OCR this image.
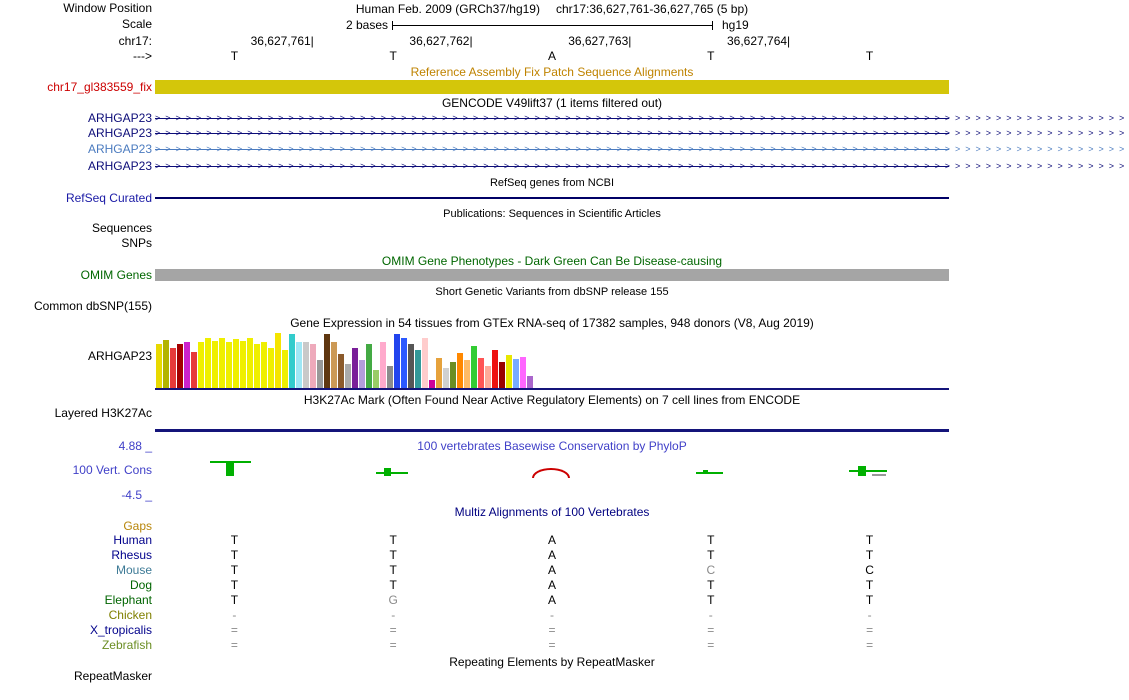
Window Position	Human Feb. 2009 (GRCh37/hg19) chr17:36,627,761-36,627,765 (5 bp)
Scale	2 bases	hg19
chr17:	36,627,761|	36,627,762|	36,627,763|	36,627,764|
--->	T	T	A	T	T
Reference Assembly Fix Patch Sequence Alignments
chr17_gl383559_fix
GENCODE V49lift37 (1 items filtered out)
ARHGAP23 >>>>>>>>>>>>>>>>>>>>>>>>>>>>>>>>>>>>>>>>>>>>>>>>>>>>>>>>>>>>>>>>>>>>>>>>>>>>>>>>>>>>>>>>>>>>>>>
ARHGAP23 >>>>>>>>>>>>>>>>>>>>>>>>>>>>>>>>>>>>>>>>>>>>>>>>>>>>>>>>>>>>>>>>>>>>>>>>>>>>>>>>>>>>>>>>>>>>>>>
ARHGAP23 >>>>>>>>>>>>>>>>>>>>>>>>>>>>>>>>>>>>>>>>>>>>>>>>>>>>>>>>>>>>>>>>>>>>>>>>>>>>>>>>>>>>>>>>>>>>>>>
ARHGAP23 >>>>>>>>>>>>>>>>>>>>>>>>>>>>>>>>>>>>>>>>>>>>>>>>>>>>>>>>>>>>>>>>>>>>>>>>>>>>>>>>>>>>>>>>>>>>>>>
RefSeq genes from NCBI
RefSeq Curated
Publications: Sequences in Scientific Articles
Sequences
SNPs
OMIM Gene Phenotypes - Dark Green Can Be Disease-causing
OMIM Genes
Short Genetic Variants from dbSNP release 155
Common dbSNP(155)
Gene Expression in 54 tissues from GTEx RNA-seq of 17382 samples, 948 donors (V8, Aug 2019)
ARHGAP23
H3K27Ac Mark (Often Found Near Active Regulatory Elements) on 7 cell lines from ENCODE
Layered H3K27Ac
4.88 _	100 vertebrates Basewise Conservation by PhyloP
100 Vert. Cons
-4.5 _
Multiz Alignments of 100 Vertebrates
Gaps
Human	T	T	A	T	T
Rhesus	T	T	A	T	T
Mouse	T	T	A	C	C
Dog	T	T	A	T	T
Elephant	T	G	A	T	T
Chicken	-	-	-	-	-
X_tropicalis	=	=	=	=	=
Zebrafish	=	=	=	=	=
Repeating Elements by RepeatMasker
RepeatMasker
